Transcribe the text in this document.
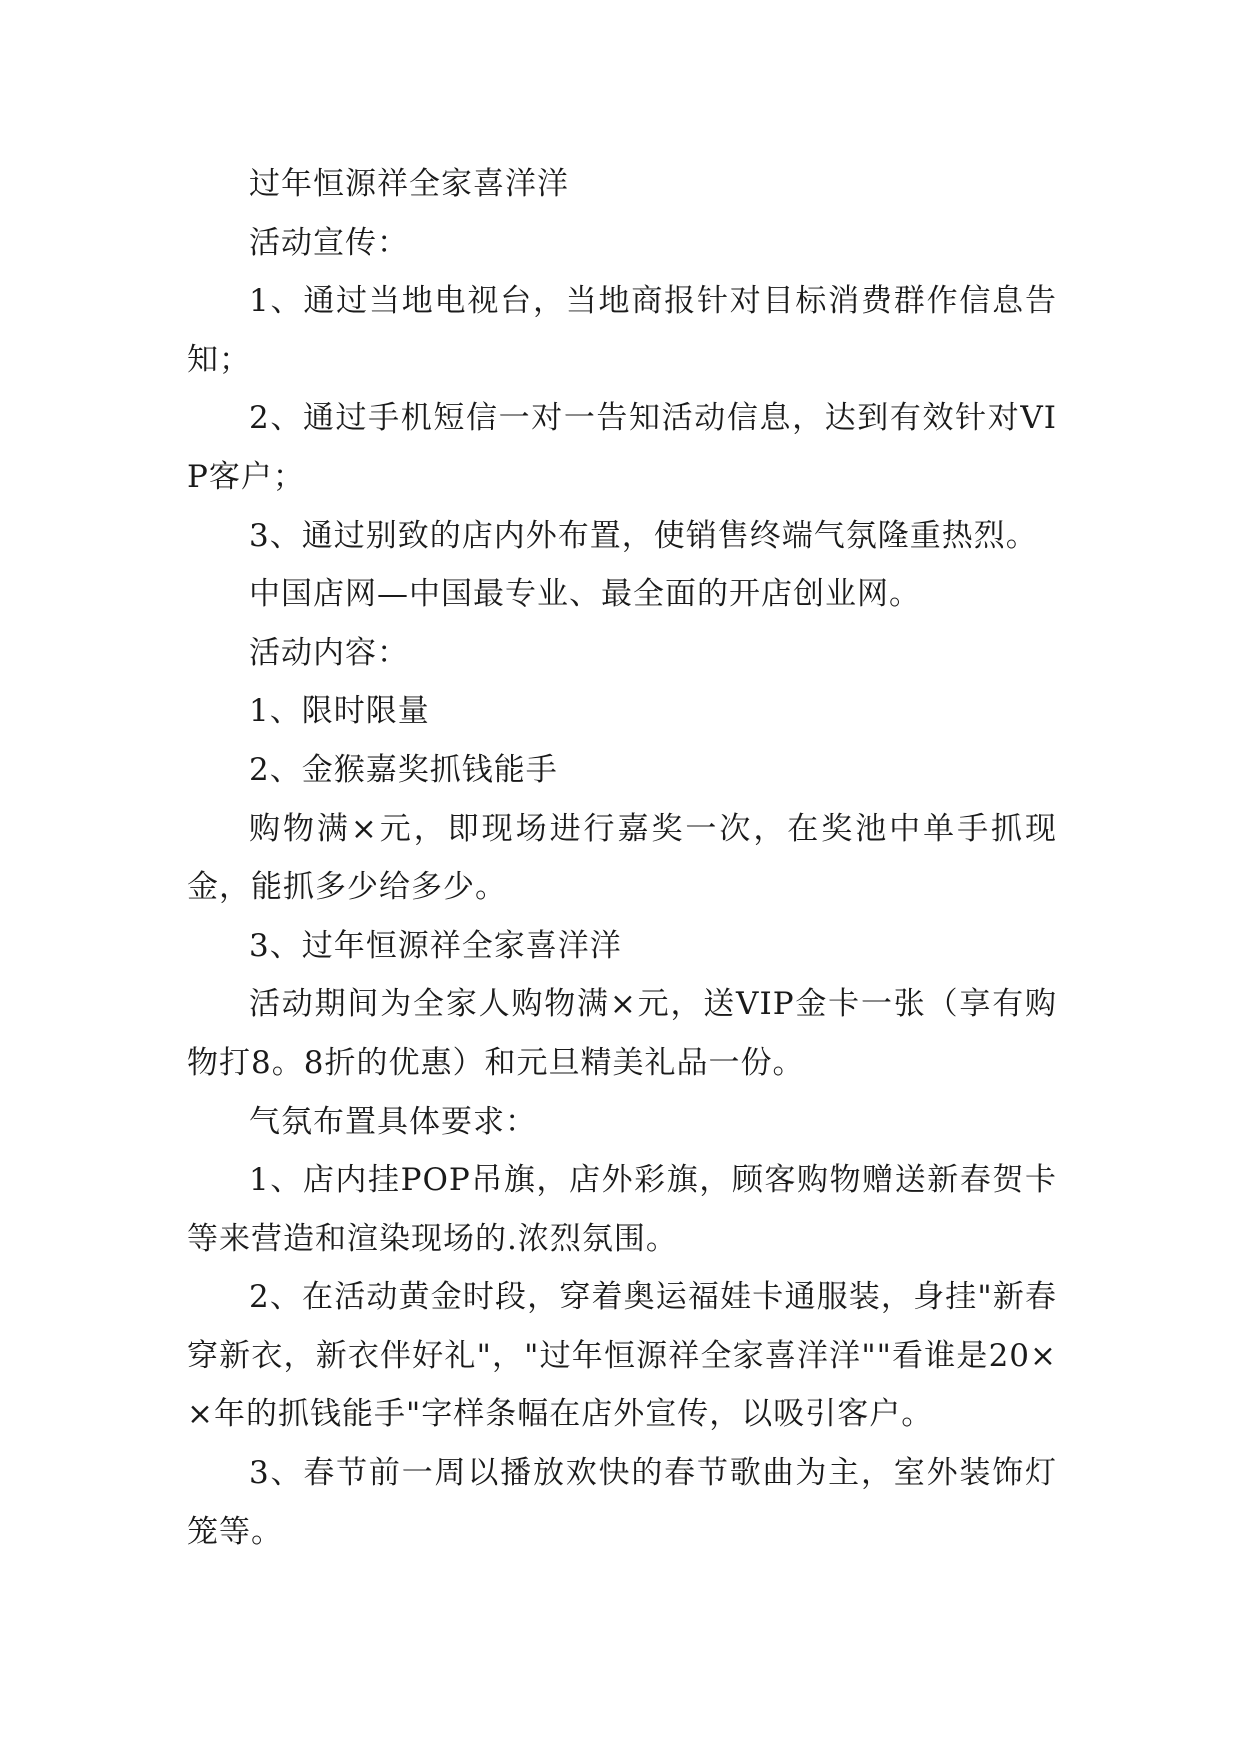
过年恒源祥全家喜洋洋

活动宣传：

1、通过当地电视台，当地商报针对目标消费群作信息告知；

2、通过手机短信一对一告知活动信息，达到有效针对VIP客户；

3、通过别致的店内外布置，使销售终端气氛隆重热烈。

中国店网—中国最专业、最全面的开店创业网。

活动内容：

1、限时限量

2、金猴嘉奖抓钱能手

购物满×元，即现场进行嘉奖一次，在奖池中单手抓现金，能抓多少给多少。

3、过年恒源祥全家喜洋洋

活动期间为全家人购物满×元，送VIP金卡一张（享有购物打8。8折的优惠）和元旦精美礼品一份。

气氛布置具体要求：

1、店内挂POP吊旗，店外彩旗，顾客购物赠送新春贺卡等来营造和渲染现场的.浓烈氛围。

2、在活动黄金时段，穿着奥运福娃卡通服装，身挂"新春穿新衣，新衣伴好礼"，"过年恒源祥全家喜洋洋""看谁是20××年的抓钱能手"字样条幅在店外宣传，以吸引客户。

3、春节前一周以播放欢快的春节歌曲为主，室外装饰灯笼等。
